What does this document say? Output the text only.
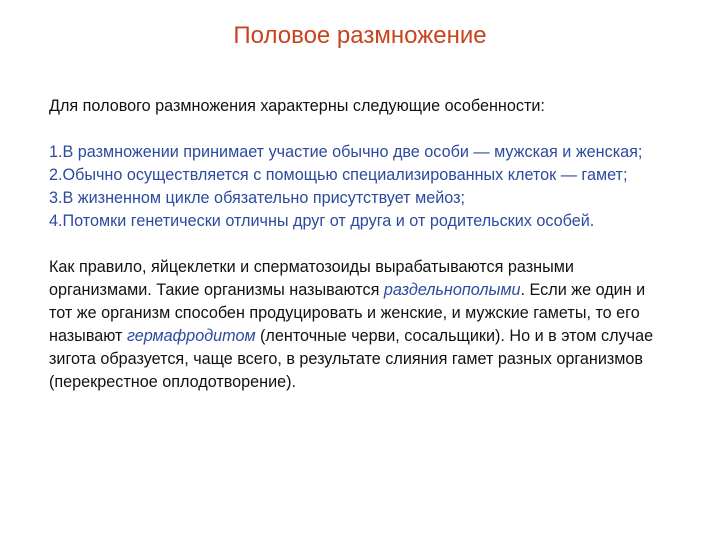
Половое размножение

Для полового размножения характерны следующие особенности:

1.В размножении принимает участие обычно две особи — мужская и женская;
2.Обычно осуществляется с помощью специализированных клеток — гамет;
3.В жизненном цикле обязательно присутствует мейоз;
4.Потомки генетически отличны друг от друга и от родительских особей.

Как правило, яйцеклетки и сперматозоиды вырабатываются разными организмами. Такие организмы называются раздельнополыми. Если же один и тот же организм способен продуцировать и женские, и мужские гаметы, то его называют гермафродитом (ленточные черви, сосальщики). Но и в этом случае зигота образуется, чаще всего, в результате слияния гамет разных организмов (перекрестное оплодотворение).
